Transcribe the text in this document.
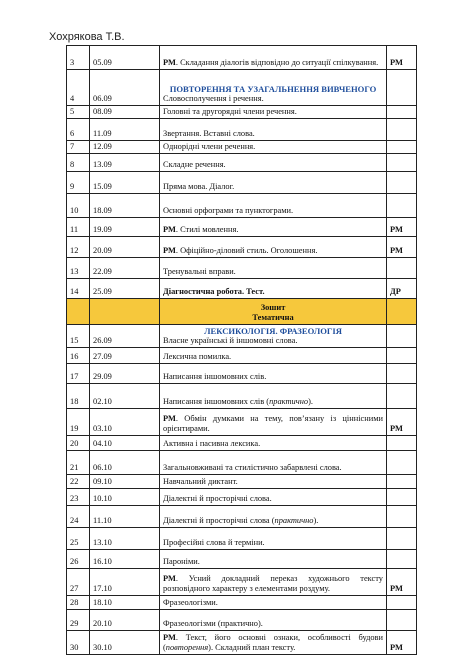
Хохрякова Т.В.
3	05.09	РМ. Складання діалогів відповідно до ситуації спілкування.	РМ
4	06.09	ПОВТОРЕННЯ ТА УЗАГАЛЬНЕННЯ ВИВЧЕНОГО
Словосполучення і речення.	

5	08.09	Головні та другорядні члени речення.	

6	11.09	Звертання. Вставні слова.	

7	12.09	Однорідні члени речення.	

8	13.09	Складне речення.	

9	15.09	Пряма мова. Діалог.	

10	18.09	Основні орфограми та пунктограми.	

11	19.09	РМ. Стилі мовлення.	РМ
12	20.09	РМ. Офіційно-діловий стиль. Оголошення.	РМ
13	22.09	Тренувальні вправи.	

14	25.09	Діагностична робота. Тест.	ДР

		Зошит
Тематична	

15	26.09	ЛЕКСИКОЛОГІЯ. ФРАЗЕОЛОГІЯ
Власне українські й іншомовні слова.	

16	27.09	Лексична помилка.	

17	29.09	Написання іншомовних слів.	

18	02.10	Написання іншомовних слів (практично).	

19	03.10	РМ. Обмін думками на тему, пов’язану із ціннісними орієнтирами.	РМ
20	04.10	Активна і пасивна лексика.	

21	06.10	Загальновживані та стилістично забарвлені слова.	

22	09.10	Навчальний диктант.	

23	10.10	Діалектні й просторічні слова.	

24	11.10	Діалектні й просторічні слова (практично).	

25	13.10	Професійні слова й терміни.	

26	16.10	Пароніми.	

27	17.10	РМ. Усний докладний переказ художнього тексту розповідного характеру з елементами роздуму.	РМ
28	18.10	Фразеологізми.	

29	20.10	Фразеологізми (практично).	

30	30.10	РМ. Текст, його основні ознаки, особливості будови (повторення). Складний план тексту.	РМ
